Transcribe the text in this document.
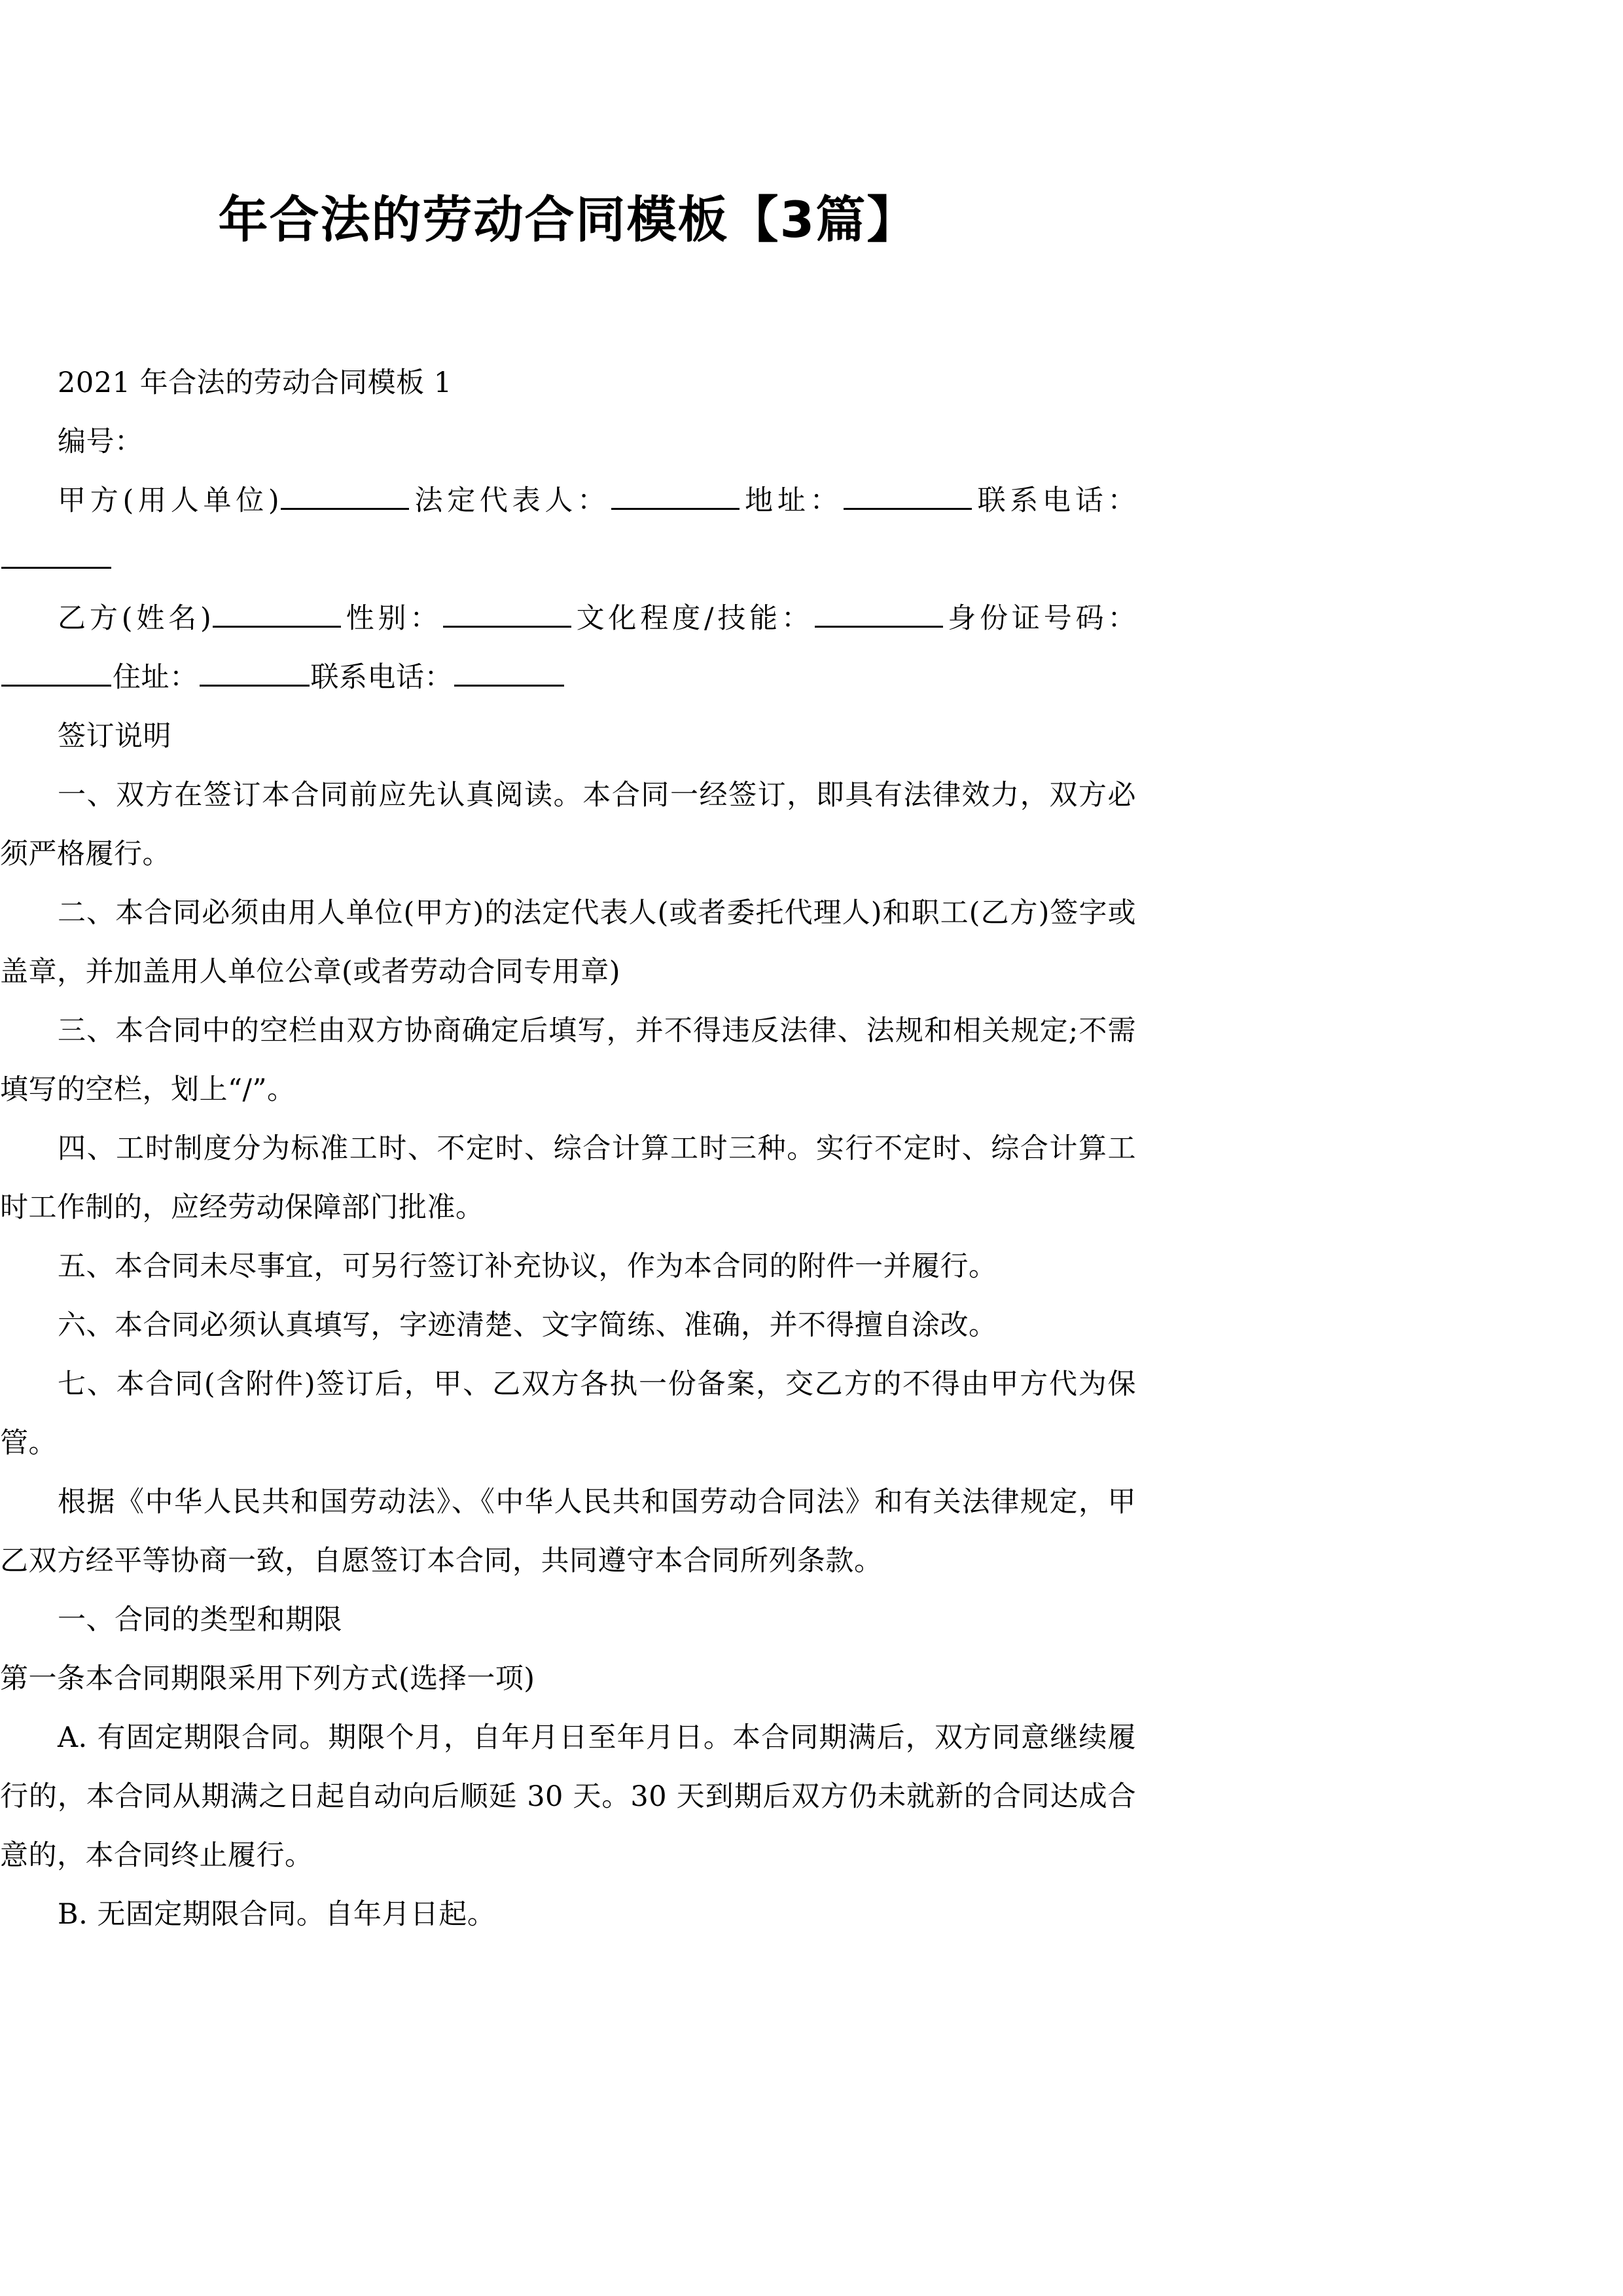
年合法的劳动合同模板【3篇】

2021 年合法的劳动合同模板 1

编号：

甲方(用人单位)	法定代表人：	地址：	联系电话：

乙方(姓名)	性别：	文化程度/技能：	身份证号码：住址：	联系电话：

签订说明

一、双方在签订本合同前应先认真阅读。本合同一经签订，即具有法律效力，双方必须严格履行。

二、本合同必须由用人单位(甲方)的法定代表人(或者委托代理人)和职工(乙方)签字或盖章，并加盖用人单位公章(或者劳动合同专用章)

三、本合同中的空栏由双方协商确定后填写，并不得违反法律、法规和相关规定;不需填写的空栏，划上“/”。

四、工时制度分为标准工时、不定时、综合计算工时三种。实行不定时、综合计算工时工作制的，应经劳动保障部门批准。

五、本合同未尽事宜，可另行签订补充协议，作为本合同的附件一并履行。

六、本合同必须认真填写，字迹清楚、文字简练、准确，并不得擅自涂改。

七、本合同(含附件)签订后，甲、乙双方各执一份备案，交乙方的不得由甲方代为保管。

根据《中华人民共和国劳动法》、《中华人民共和国劳动合同法》和有关法律规定，甲乙双方经平等协商一致，自愿签订本合同，共同遵守本合同所列条款。

一、合同的类型和期限

第一条本合同期限采用下列方式(选择一项)

A. 有固定期限合同。期限个月，自年月日至年月日。本合同期满后，双方同意继续履行的，本合同从期满之日起自动向后顺延 30 天。30 天到期后双方仍未就新的合同达成合意的，本合同终止履行。

B. 无固定期限合同。自年月日起。
